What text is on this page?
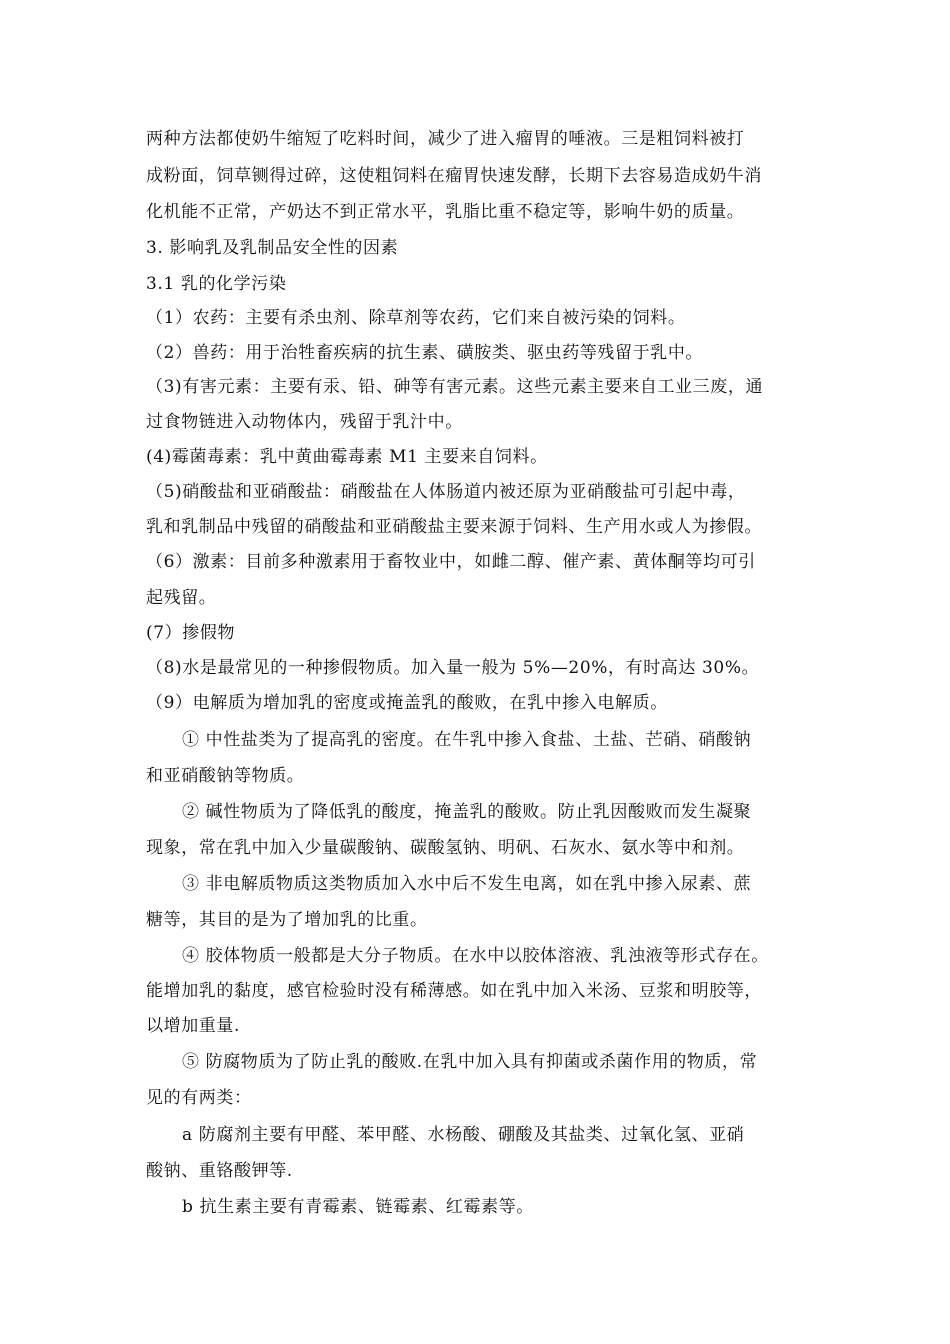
两种方法都使奶牛缩短了吃料时间，减少了进入瘤胃的唾液。三是粗饲料被打
成粉面，饲草铡得过碎，这使粗饲料在瘤胃快速发酵，长期下去容易造成奶牛消
化机能不正常，产奶达不到正常水平，乳脂比重不稳定等，影响牛奶的质量。
3. 影响乳及乳制品安全性的因素
3.1 乳的化学污染
（1）农药：主要有杀虫剂、除草剂等农药，它们来自被污染的饲料。
（2）兽药：用于治牲畜疾病的抗生素、磺胺类、驱虫药等残留于乳中。
（3)有害元素：主要有汞、铅、砷等有害元素。这些元素主要来自工业三废，通
过食物链进入动物体内，残留于乳汁中。
(4)霉菌毒素：乳中黄曲霉毒素 M1 主要来自饲料。
（5)硝酸盐和亚硝酸盐：硝酸盐在人体肠道内被还原为亚硝酸盐可引起中毒，
乳和乳制品中残留的硝酸盐和亚硝酸盐主要来源于饲料、生产用水或人为掺假。
（6）激素：目前多种激素用于畜牧业中，如雌二醇、催产素、黄体酮等均可引
起残留。
(7）掺假物
（8)水是最常见的一种掺假物质。加入量一般为 5%—20%，有时高达 30%。
（9）电解质为增加乳的密度或掩盖乳的酸败，在乳中掺入电解质。
① 中性盐类为了提高乳的密度。在牛乳中掺入食盐、土盐、芒硝、硝酸钠
和亚硝酸钠等物质。
② 碱性物质为了降低乳的酸度，掩盖乳的酸败。防止乳因酸败而发生凝聚
现象，常在乳中加入少量碳酸钠、碳酸氢钠、明矾、石灰水、氨水等中和剂。
③ 非电解质物质这类物质加入水中后不发生电离，如在乳中掺入尿素、蔗
糖等，其目的是为了增加乳的比重。
④ 胶体物质一般都是大分子物质。在水中以胶体溶液、乳浊液等形式存在。
能增加乳的黏度，感官检验时没有稀薄感。如在乳中加入米汤、豆浆和明胶等，
以增加重量.
⑤ 防腐物质为了防止乳的酸败.在乳中加入具有抑菌或杀菌作用的物质，常
见的有两类：
a 防腐剂主要有甲醛、苯甲醛、水杨酸、硼酸及其盐类、过氧化氢、亚硝
酸钠、重铬酸钾等.
b 抗生素主要有青霉素、链霉素、红霉素等。
